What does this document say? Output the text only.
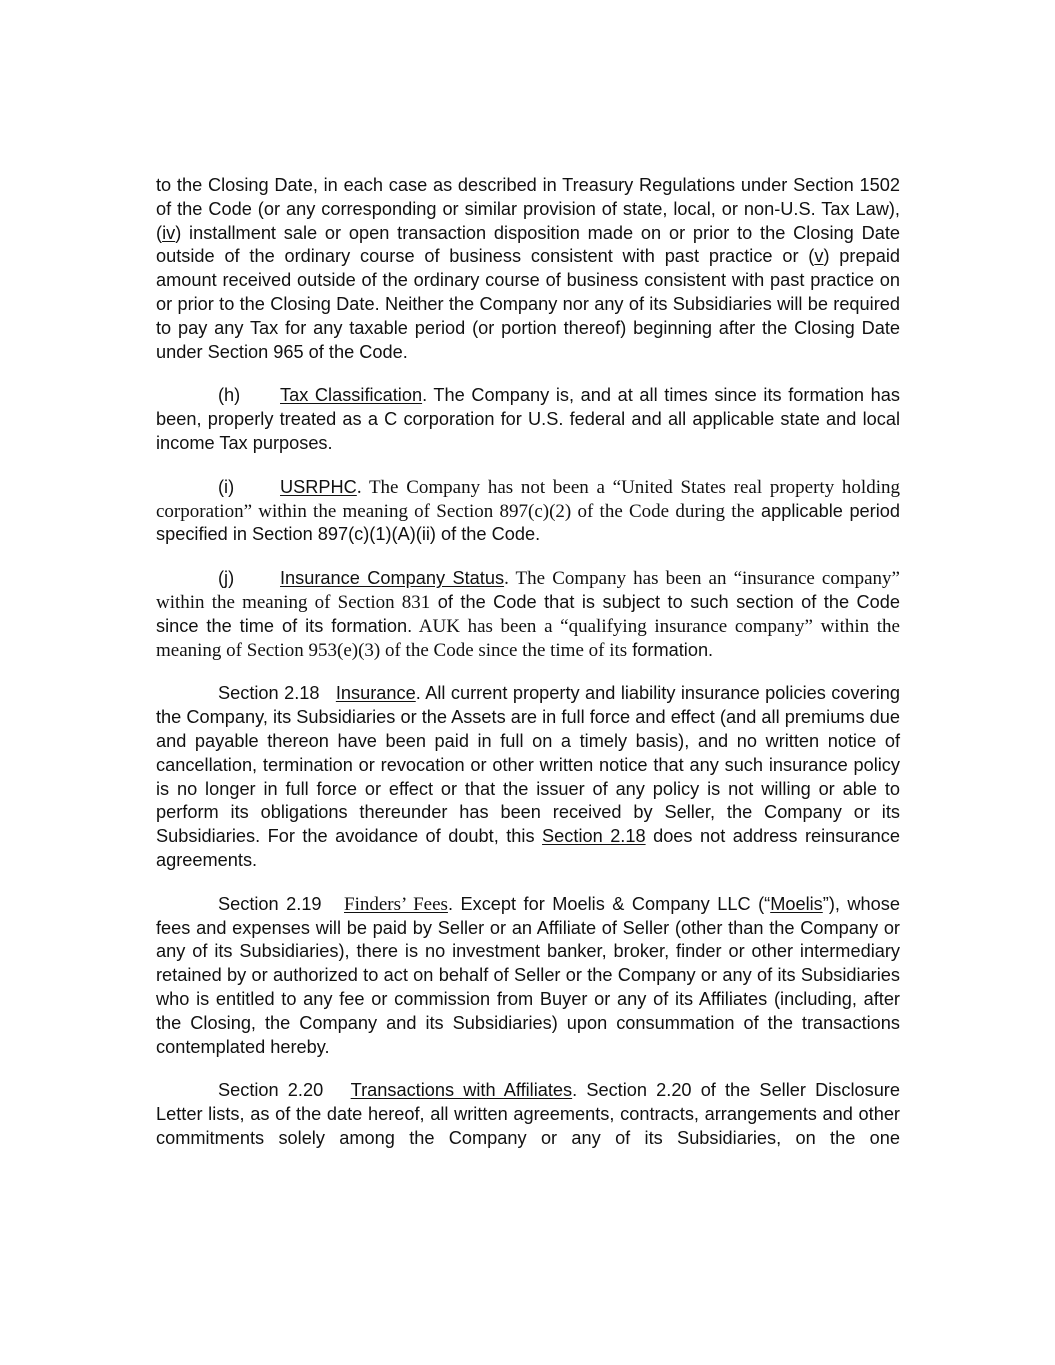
to the Closing Date, in each case as described in Treasury Regulations under Section 1502 of the Code (or any corresponding or similar provision of state, local, or non-U.S. Tax Law), (iv) installment sale or open transaction disposition made on or prior to the Closing Date outside of the ordinary course of business consistent with past practice or (v) prepaid amount received outside of the ordinary course of business consistent with past practice on or prior to the Closing Date. Neither the Company nor any of its Subsidiaries will be required to pay any Tax for any taxable period (or portion thereof) beginning after the Closing Date under Section 965 of the Code.

(h) Tax Classification. The Company is, and at all times since its formation has been, properly treated as a C corporation for U.S. federal and all applicable state and local income Tax purposes.

(i)	USRPHC. The Company has not been a “United States real property holding corporation” within the meaning of Section 897(c)(2) of the Code during the applicable period specified in Section 897(c)(1)(A)(ii) of the Code.

(j)	Insurance Company Status. The Company has been an “insurance company” within the meaning of Section 831 of the Code that is subject to such section of the Code since the time of its formation. AUK has been a “qualifying insurance company” within the meaning of Section 953(e)(3) of the Code since the time of its formation.

Section 2.18 Insurance. All current property and liability insurance policies covering the Company, its Subsidiaries or the Assets are in full force and effect (and all premiums due and payable thereon have been paid in full on a timely basis), and no written notice of cancellation, termination or revocation or other written notice that any such insurance policy is no longer in full force or effect or that the issuer of any policy is not willing or able to perform its obligations thereunder has been received by Seller, the Company or its Subsidiaries. For the avoidance of doubt, this Section 2.18 does not address reinsurance agreements.

Section 2.19 Finders’ Fees. Except for Moelis & Company LLC (“Moelis”), whose fees and expenses will be paid by Seller or an Affiliate of Seller (other than the Company or any of its Subsidiaries), there is no investment banker, broker, finder or other intermediary retained by or authorized to act on behalf of Seller or the Company or any of its Subsidiaries who is entitled to any fee or commission from Buyer or any of its Affiliates (including, after the Closing, the Company and its Subsidiaries) upon consummation of the transactions contemplated hereby.

Section 2.20 Transactions with Affiliates. Section 2.20 of the Seller Disclosure Letter lists, as of the date hereof, all written agreements, contracts, arrangements and other commitments solely among the Company or any of its Subsidiaries, on the one
